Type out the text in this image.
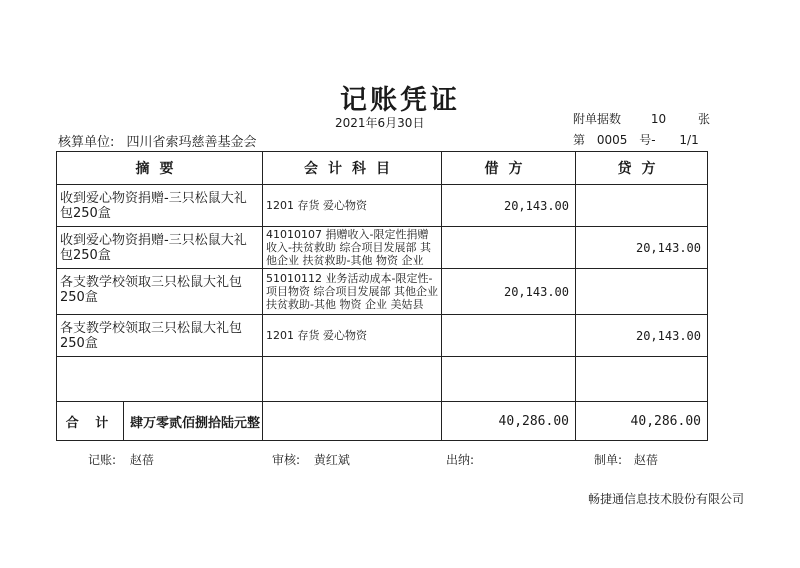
记账凭证
2021年6月30日	附单据数 10	张
核算单位: 四川省索玛慈善基金会	第 0005 号- 1/1
摘要	会计科目	借方	贷方
收到爱心物资捐赠-三只松鼠大礼包250盒	1201 存货 爱心物资	20,143.00	
收到爱心物资捐赠-三只松鼠大礼包250盒	41010107 捐赠收入-限定性捐赠收入-扶贫救助 综合项目发展部 其他企业 扶贫救助-其他 物资 企业		20,143.00
各支教学校领取三只松鼠大礼包250盒	51010112 业务活动成本-限定性-项目物资 综合项目发展部 其他企业 扶贫救助-其他 物资 企业 美姑县	20,143.00	
各支教学校领取三只松鼠大礼包250盒	1201 存货 爱心物资		20,143.00

合 计 肆万零贰佰捌拾陆元整		40,286.00	40,286.00
记账: 赵蓓	审核: 黄红斌	出纳:	制单: 赵蓓
畅捷通信息技术股份有限公司
